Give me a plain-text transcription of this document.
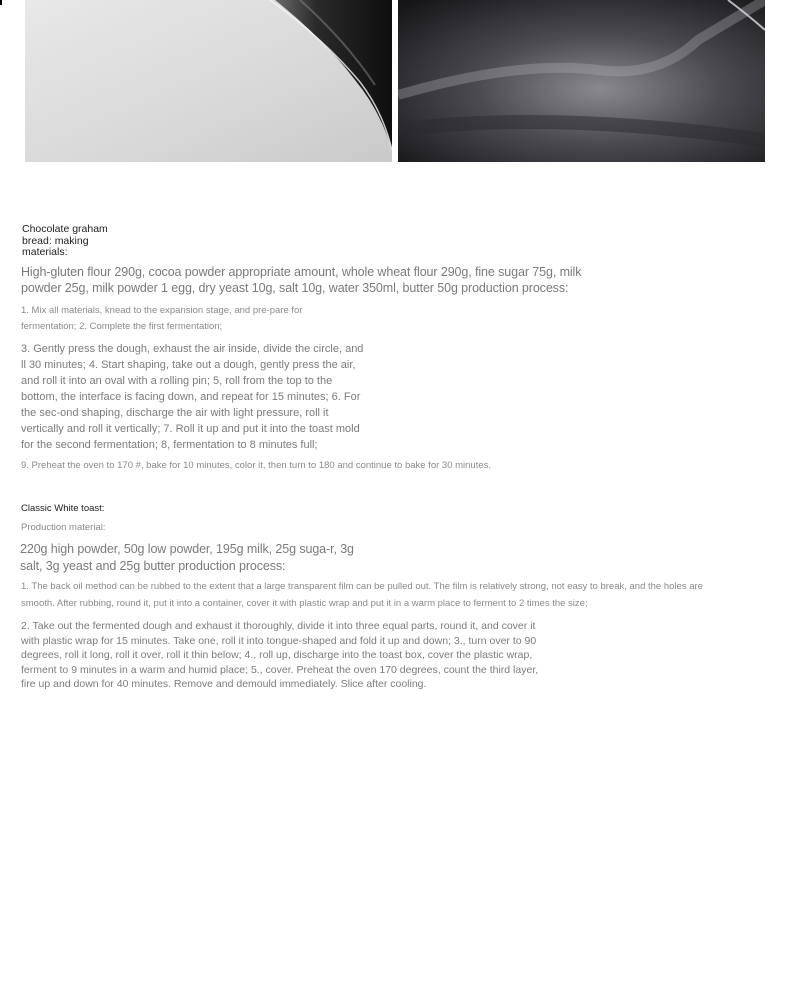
Chocolate graham bread: making materials:
High-gluten flour 290g, cocoa powder appropriate amount, whole wheat flour 290g, fine sugar 75g, milk powder 25g, milk powder 1 egg, dry yeast 10g, salt 10g, water 350ml, butter 50g production process:
1. Mix all materials, knead to the expansion stage, and pre-pare for fermentation; 2. Complete the first fermentation;
3. Gently press the dough, exhaust the air inside, divide the circle, and ll 30 minutes; 4. Start shaping, take out a dough, gently press the air, and roll it into an oval with a rolling pin; 5, roll from the top to the bottom, the interface is facing down, and repeat for 15 minutes; 6. For the sec-ond shaping, discharge the air with light pressure, roll it vertically and roll it vertically; 7. Roll it up and put it into the toast mold for the second fermentation; 8, fermentation to 8 minutes full;
9. Preheat the oven to 170 #, bake for 10 minutes, color it, then turn to 180 and continue to bake for 30 minutes.
Classic White toast:
Production material:
220g high powder, 50g low powder, 195g milk, 25g suga-r, 3g salt, 3g yeast and 25g butter production process:
1. The back oil method can be rubbed to the extent that a large transparent film can be pulled out. The film is relatively strong, not easy to break, and the holes are smooth. After rubbing, round it, put it into a container, cover it with plastic wrap and put it in a warm place to ferment to 2 times the size;
2. Take out the fermented dough and exhaust it thoroughly, divide it into three equal parts, round it, and cover it with plastic wrap for 15 minutes. Take one, roll it into tongue-shaped and fold it up and down; 3., turn over to 90 degrees, roll it long, roll it over, roll it thin below; 4., roll up, discharge into the toast box, cover the plastic wrap, ferment to 9 minutes in a warm and humid place; 5., cover. Preheat the oven 170 degrees, count the third layer, fire up and down for 40 minutes. Remove and demould immediately. Slice after cooling.
